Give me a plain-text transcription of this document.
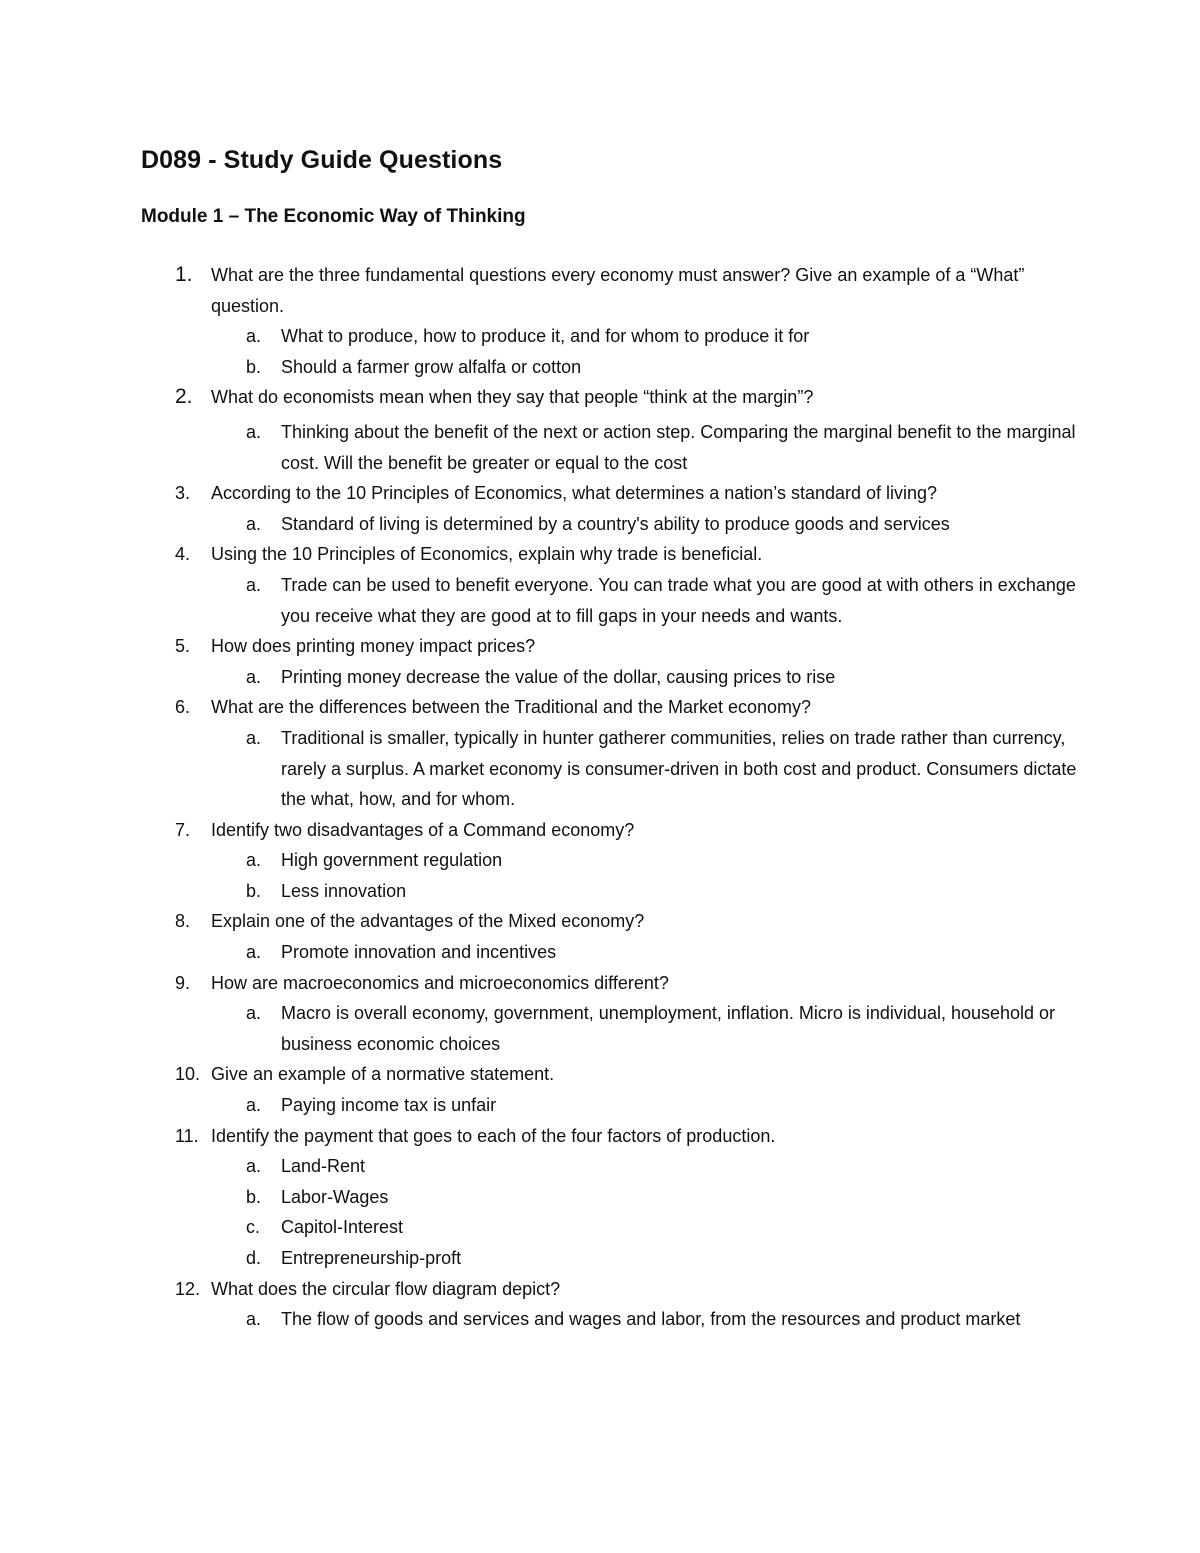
D089 - Study Guide Questions
Module 1 – The Economic Way of Thinking
1. What are the three fundamental questions every economy must answer? Give an example of a “What” question.
a. What to produce, how to produce it, and for whom to produce it for
b. Should a farmer grow alfalfa or cotton
2. What do economists mean when they say that people “think at the margin”?
a. Thinking about the benefit of the next or action step. Comparing the marginal benefit to the marginal cost. Will the benefit be greater or equal to the cost
3. According to the 10 Principles of Economics, what determines a nation’s standard of living?
a. Standard of living is determined by a country's ability to produce goods and services
4. Using the 10 Principles of Economics, explain why trade is beneficial.
a. Trade can be used to benefit everyone. You can trade what you are good at with others in exchange you receive what they are good at to fill gaps in your needs and wants.
5. How does printing money impact prices?
a. Printing money decrease the value of the dollar, causing prices to rise
6. What are the differences between the Traditional and the Market economy?
a. Traditional is smaller, typically in hunter gatherer communities, relies on trade rather than currency, rarely a surplus. A market economy is consumer-driven in both cost and product. Consumers dictate the what, how, and for whom.
7. Identify two disadvantages of a Command economy?
a. High government regulation
b. Less innovation
8. Explain one of the advantages of the Mixed economy?
a. Promote innovation and incentives
9. How are macroeconomics and microeconomics different?
a. Macro is overall economy, government, unemployment, inflation. Micro is individual, household or business economic choices
10. Give an example of a normative statement.
a. Paying income tax is unfair
11. Identify the payment that goes to each of the four factors of production.
a. Land-Rent
b. Labor-Wages
c. Capitol-Interest
d. Entrepreneurship-proft
12. What does the circular flow diagram depict?
a. The flow of goods and services and wages and labor, from the resources and product market
